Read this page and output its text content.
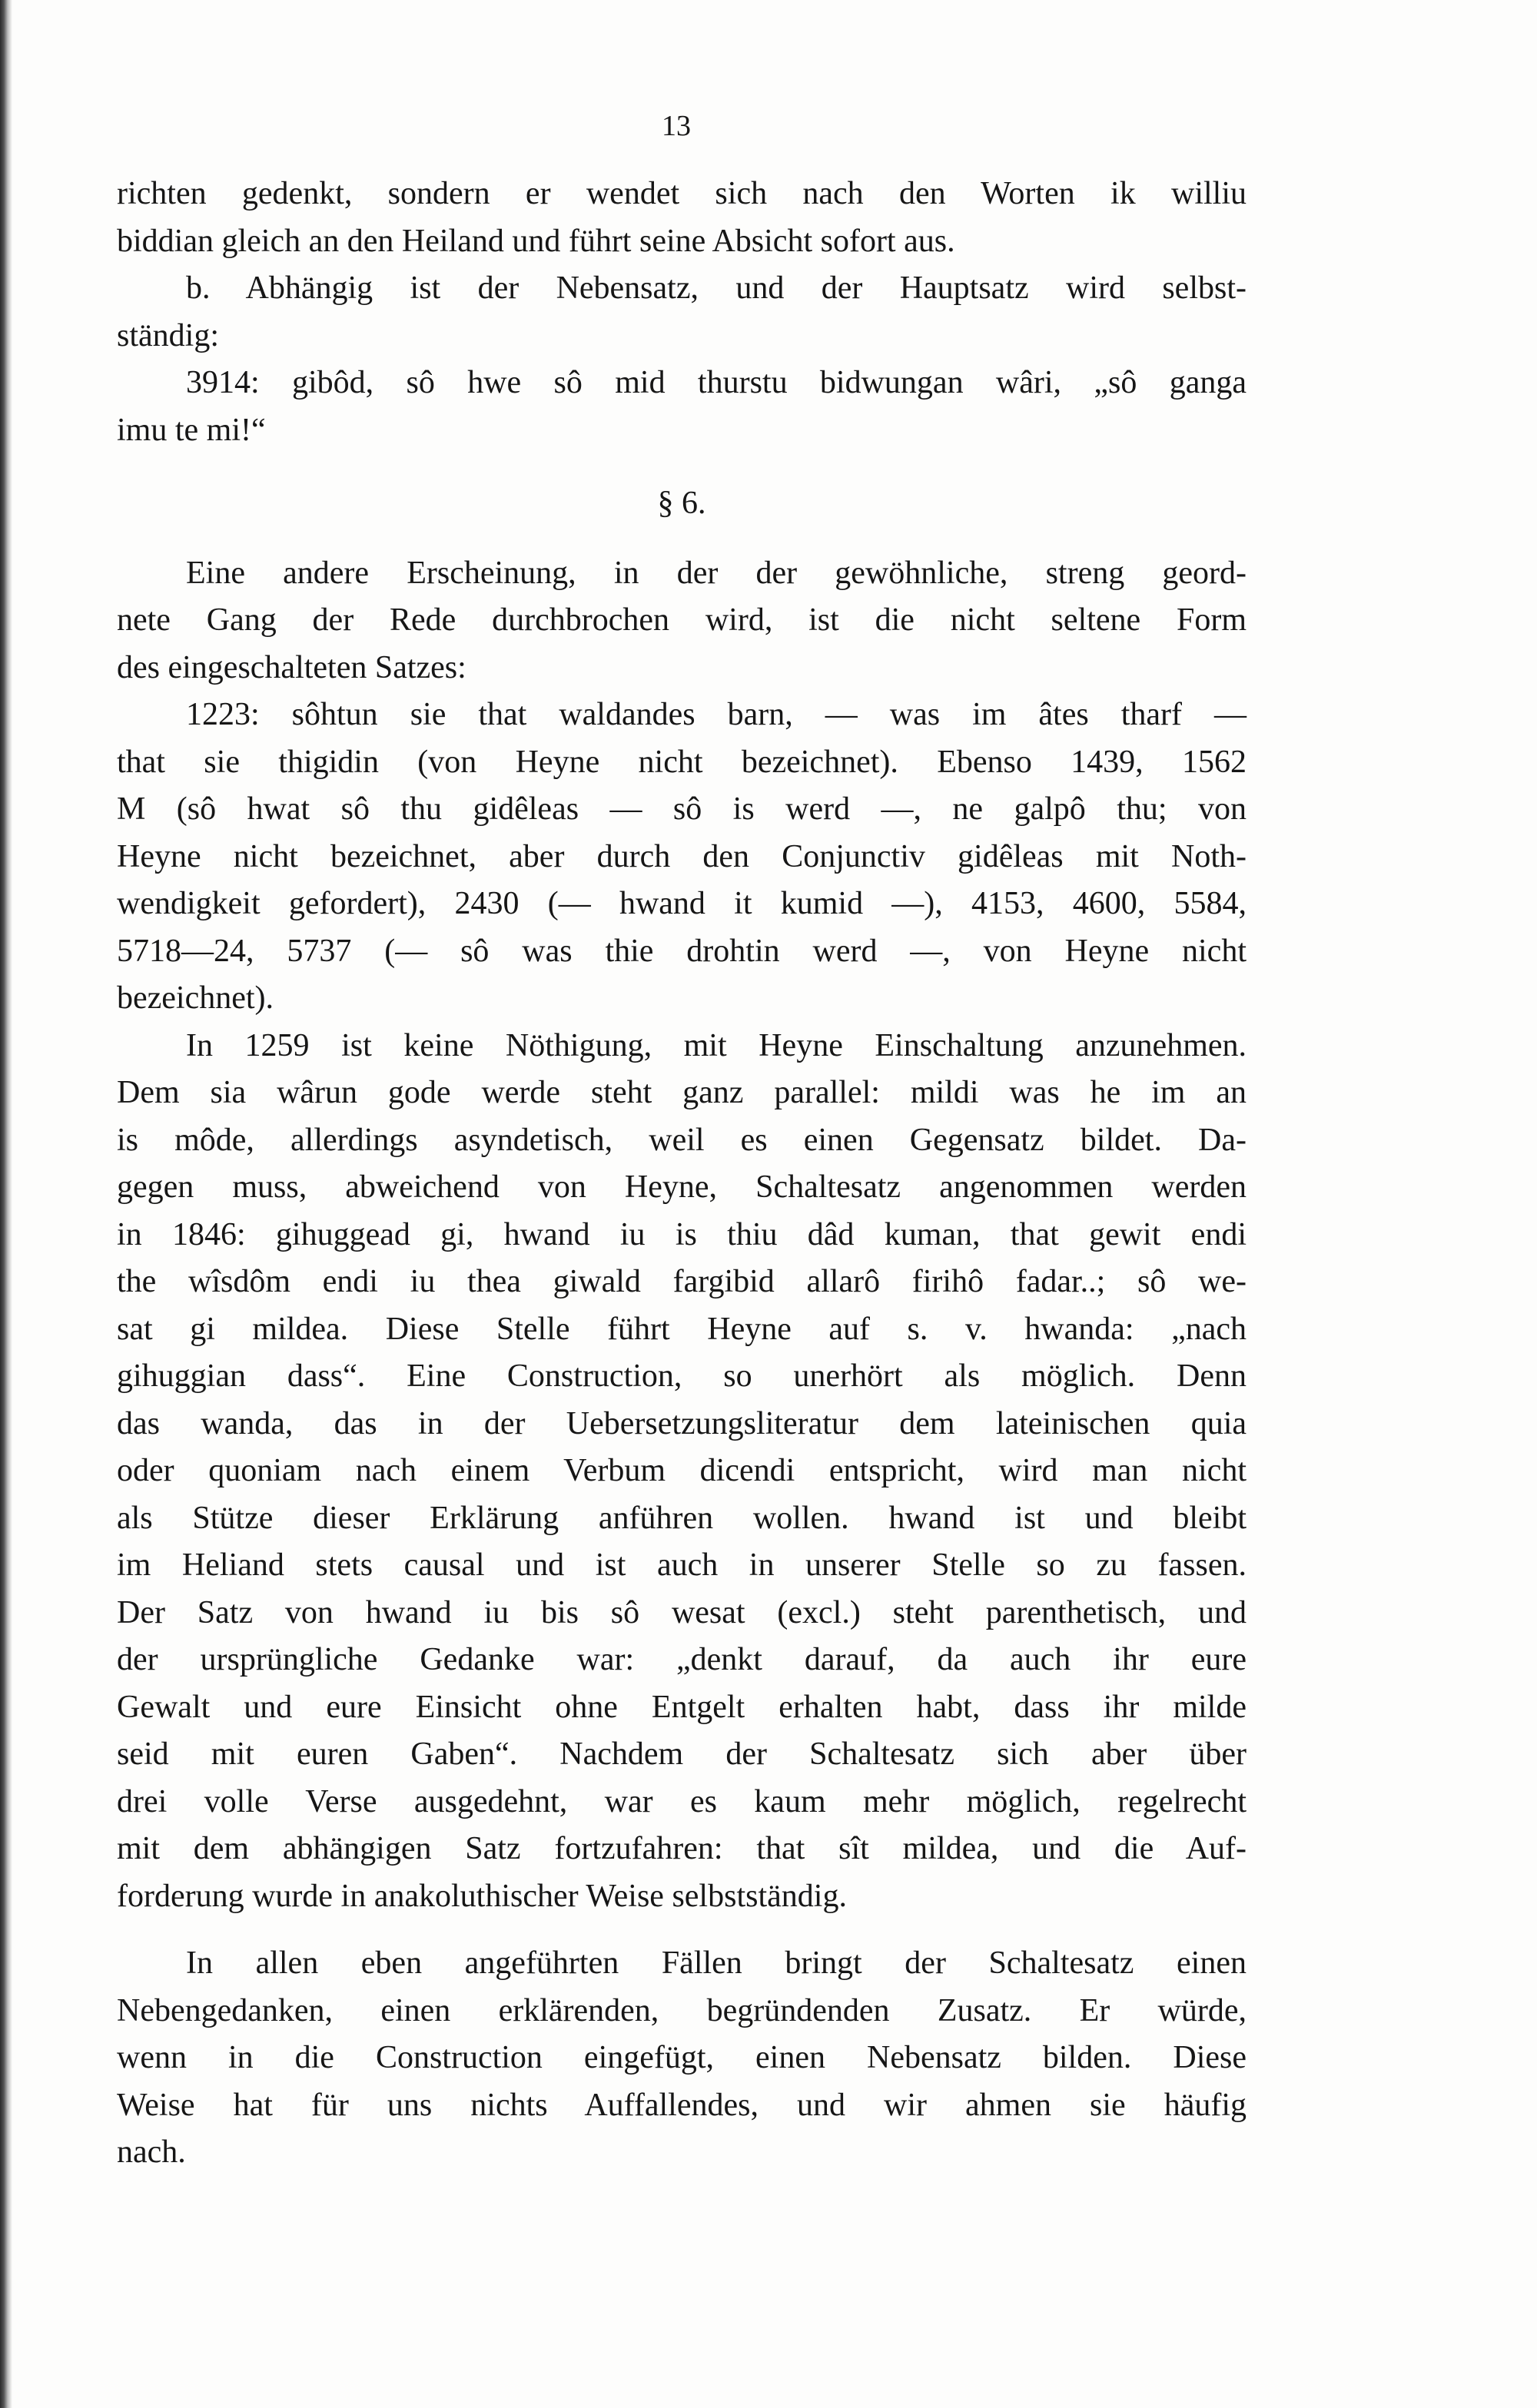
13

richten gedenkt, sondern er wendet sich nach den Worten ik williu

biddian gleich an den Heiland und führt seine Absicht sofort aus.

b. Abhängig ist der Nebensatz, und der Hauptsatz wird selbst-

ständig:

3914: gibôd, sô hwe sô mid thurstu bidwungan wâri, „sô ganga

imu te mi!“

§ 6.

Eine andere Erscheinung, in der der gewöhnliche, streng geord-

nete Gang der Rede durchbrochen wird, ist die nicht seltene Form

des eingeschalteten Satzes:

1223: sôhtun sie that waldandes barn, — was im âtes tharf —

that sie thigidin (von Heyne nicht bezeichnet). Ebenso 1439, 1562

M (sô hwat sô thu gidêleas — sô is werd —, ne galpô thu; von

Heyne nicht bezeichnet, aber durch den Conjunctiv gidêleas mit Noth-

wendigkeit gefordert), 2430 (— hwand it kumid —), 4153, 4600, 5584,

5718—24, 5737 (— sô was thie drohtin werd —, von Heyne nicht

bezeichnet).

In 1259 ist keine Nöthigung, mit Heyne Einschaltung anzunehmen.

Dem sia wârun gode werde steht ganz parallel: mildi was he im an

is môde, allerdings asyndetisch, weil es einen Gegensatz bildet. Da-

gegen muss, abweichend von Heyne, Schaltesatz angenommen werden

in 1846: gihuggead gi, hwand iu is thiu dâd kuman, that gewit endi

the wîsdôm endi iu thea giwald fargibid allarô firihô fadar..; sô we-

sat gi mildea. Diese Stelle führt Heyne auf s. v. hwanda: „nach

gihuggian dass“. Eine Construction, so unerhört als möglich. Denn

das wanda, das in der Uebersetzungsliteratur dem lateinischen quia

oder quoniam nach einem Verbum dicendi entspricht, wird man nicht

als Stütze dieser Erklärung anführen wollen. hwand ist und bleibt

im Heliand stets causal und ist auch in unserer Stelle so zu fassen.

Der Satz von hwand iu bis sô wesat (excl.) steht parenthetisch, und

der ursprüngliche Gedanke war: „denkt darauf, da auch ihr eure

Gewalt und eure Einsicht ohne Entgelt erhalten habt, dass ihr milde

seid mit euren Gaben“. Nachdem der Schaltesatz sich aber über

drei volle Verse ausgedehnt, war es kaum mehr möglich, regelrecht

mit dem abhängigen Satz fortzufahren: that sît mildea, und die Auf-

forderung wurde in anakoluthischer Weise selbstständig.

In allen eben angeführten Fällen bringt der Schaltesatz einen

Nebengedanken, einen erklärenden, begründenden Zusatz. Er würde,

wenn in die Construction eingefügt, einen Nebensatz bilden. Diese

Weise hat für uns nichts Auffallendes, und wir ahmen sie häufig

nach.
